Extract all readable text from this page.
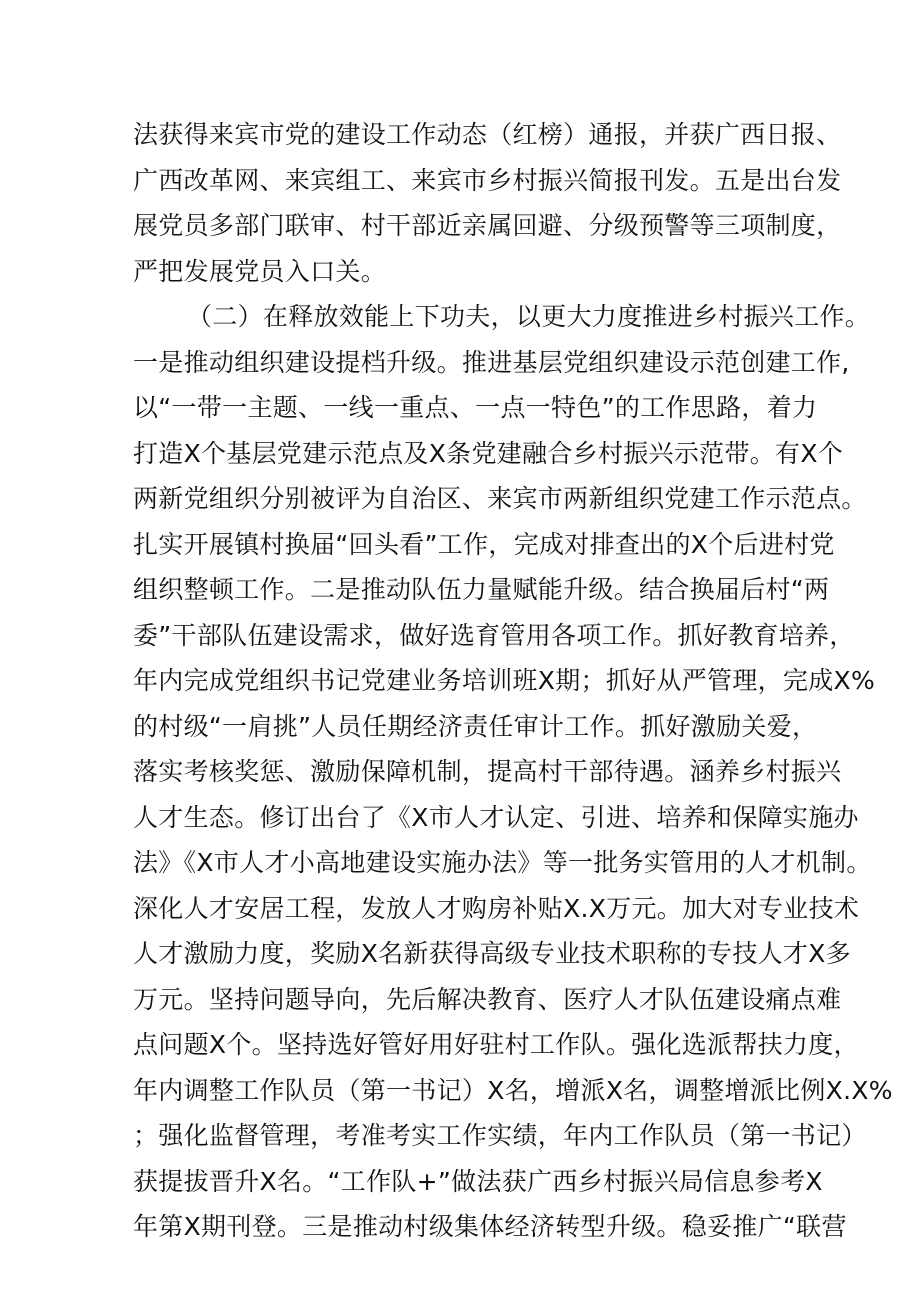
法获得来宾市党的建设工作动态（红榜）通报，并获广西日报、
广西改革网、来宾组工、来宾市乡村振兴简报刊发。五是出台发
展党员多部门联审、村干部近亲属回避、分级预警等三项制度，
严把发展党员入口关。
（二）在释放效能上下功夫，以更大力度推进乡村振兴工作。
一是推动组织建设提档升级。推进基层党组织建设示范创建工作,
以“一带一主题、一线一重点、一点一特色”的工作思路，着力
打造X个基层党建示范点及X条党建融合乡村振兴示范带。有X个
两新党组织分别被评为自治区、来宾市两新组织党建工作示范点。
扎实开展镇村换届“回头看”工作，完成对排查出的X个后进村党
组织整顿工作。二是推动队伍力量赋能升级。结合换届后村“两
委”干部队伍建设需求，做好选育管用各项工作。抓好教育培养，
年内完成党组织书记党建业务培训班X期；抓好从严管理，完成X%
的村级“一肩挑”人员任期经济责任审计工作。抓好激励关爱，
落实考核奖惩、激励保障机制，提高村干部待遇。涵养乡村振兴
人才生态。修订出台了《X市人才认定、引进、培养和保障实施办
法》《X市人才小高地建设实施办法》等一批务实管用的人才机制。
深化人才安居工程，发放人才购房补贴X.X万元。加大对专业技术
人才激励力度，奖励X名新获得高级专业技术职称的专技人才X多
万元。坚持问题导向，先后解决教育、医疗人才队伍建设痛点难
点问题X个。坚持选好管好用好驻村工作队。强化选派帮扶力度，
年内调整工作队员（第一书记）X名，增派X名，调整增派比例X.X%
；强化监督管理，考准考实工作实绩，年内工作队员（第一书记）
获提拔晋升X名。“工作队+”做法获广西乡村振兴局信息参考X
年第X期刊登。三是推动村级集体经济转型升级。稳妥推广“联营
